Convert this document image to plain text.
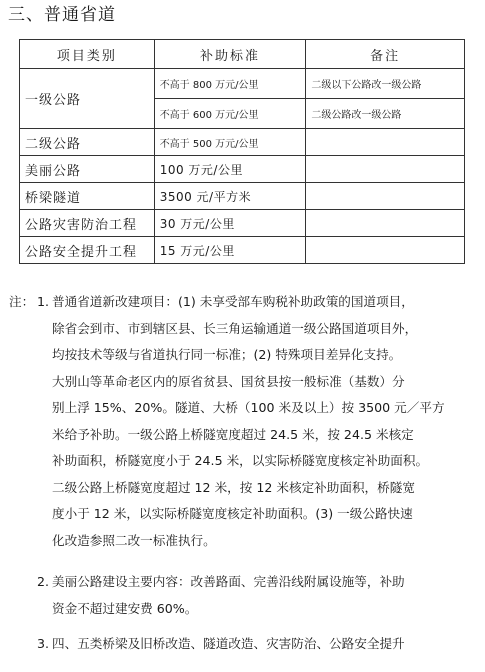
三、普通省道
项目类别	补助标准	备注
一级公路	不高于 800 万元/公里	二级以下公路改一级公路
	不高于 600 万元/公里	二级公路改一级公路
二级公路	不高于 500 万元/公里	
美丽公路	100 万元/公里	
桥梁隧道	3500 元/平方米	
公路灾害防治工程	30 万元/公里	
公路安全提升工程	15 万元/公里	
注： 1. 普通省道新改建项目：(1) 未享受部车购税补助政策的国道项目，
除省会到市、市到辖区县、长三角运输通道一级公路国道项目外，
均按技术等级与省道执行同一标准；(2) 特殊项目差异化支持。
大别山等革命老区内的原省贫县、国贫县按一般标准（基数）分
别上浮 15%、20%。隧道、大桥（100 米及以上）按 3500 元／平方
米给予补助。一级公路上桥隧宽度超过 24.5 米，按 24.5 米核定
补助面积，桥隧宽度小于 24.5 米，以实际桥隧宽度核定补助面积。
二级公路上桥隧宽度超过 12 米，按 12 米核定补助面积，桥隧宽
度小于 12 米，以实际桥隧宽度核定补助面积。(3) 一级公路快速
化改造参照二改一标准执行。
2. 美丽公路建设主要内容：改善路面、完善沿线附属设施等，补助
资金不超过建安费 60%。
3. 四、五类桥梁及旧桥改造、隧道改造、灾害防治、公路安全提升
